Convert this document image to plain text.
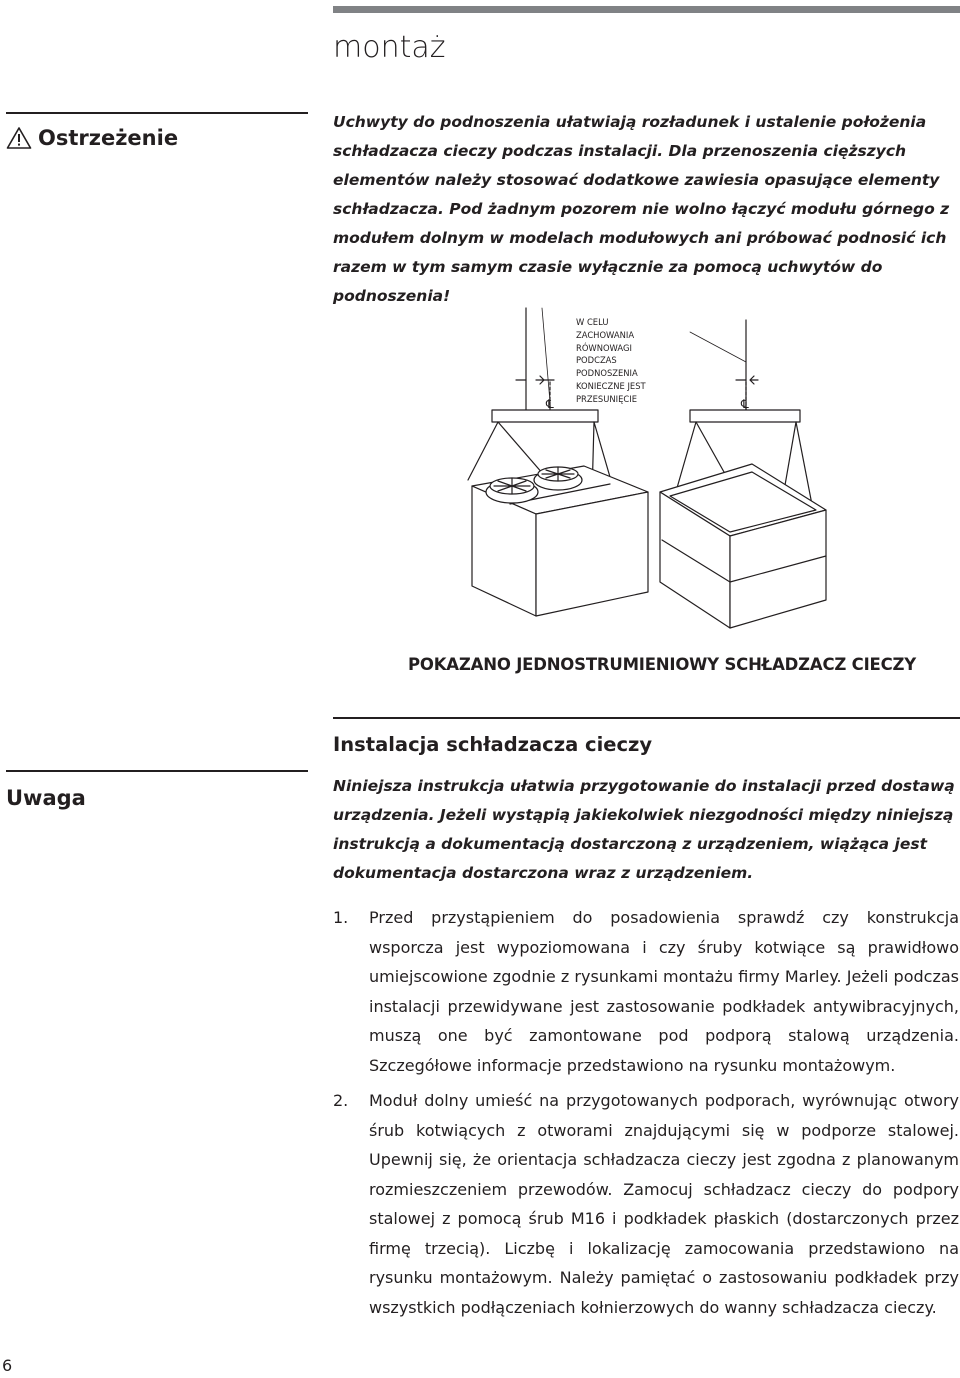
montaż
Ostrzeżenie

Uchwyty do podnoszenia ułatwiają rozładunek i ustalenie położenia schładzacza cieczy podczas instalacji. Dla przenoszenia cięższych elementów należy stosować dodatkowe zawiesia opasujące elementy schładzacza. Pod żadnym pozorem nie wolno łączyć modułu górnego z modułem dolnym w modelach modułowych ani próbować podnosić ich razem w tym samym czasie wyłącznie za pomocą uchwytów do podnoszenia!

℄	℄

W CELU
ZACHOWANIA
RÓWNOWAGI
PODCZAS
PODNOSZENIA
KONIECZNE JEST
PRZESUNIĘCIE

POKAZANO JEDNOSTRUMIENIOWY SCHŁADZACZ CIECZY

Uwaga
Instalacja schładzacza cieczy

Niniejsza instrukcja ułatwia przygotowanie do instalacji przed dostawą urządzenia. Jeżeli wystąpią jakiekolwiek niezgodności między niniejszą instrukcją a dokumentacją dostarczoną z urządzeniem, wiążąca jest dokumentacja dostarczona wraz z urządzeniem.

1. Przed przystąpieniem do posadowienia sprawdź czy konstrukcja wsporcza jest wypoziomowana i czy śruby kotwiące są prawidłowo umiejscowione zgodnie z rysunkami montażu firmy Marley. Jeżeli podczas instalacji przewidywane jest zastosowanie podkładek antywibracyjnych, muszą one być zamontowane pod podporą stalową urządzenia. Szczegółowe informacje przedstawiono na rysunku montażowym.

2. Moduł dolny umieść na przygotowanych podporach, wyrównując otwory śrub kotwiących z otworami znajdującymi się w podporze stalowej. Upewnij się, że orientacja schładzacza cieczy jest zgodna z planowanym rozmieszczeniem przewodów. Zamocuj schładzacz cieczy do podpory stalowej z pomocą śrub M16 i podkładek płaskich (dostarczonych przez firmę trzecią). Liczbę i lokalizację zamocowania przedstawiono na rysunku montażowym. Należy pamiętać o zastosowaniu podkładek przy wszystkich podłączeniach kołnierzowych do wanny schładzacza cieczy.

6
